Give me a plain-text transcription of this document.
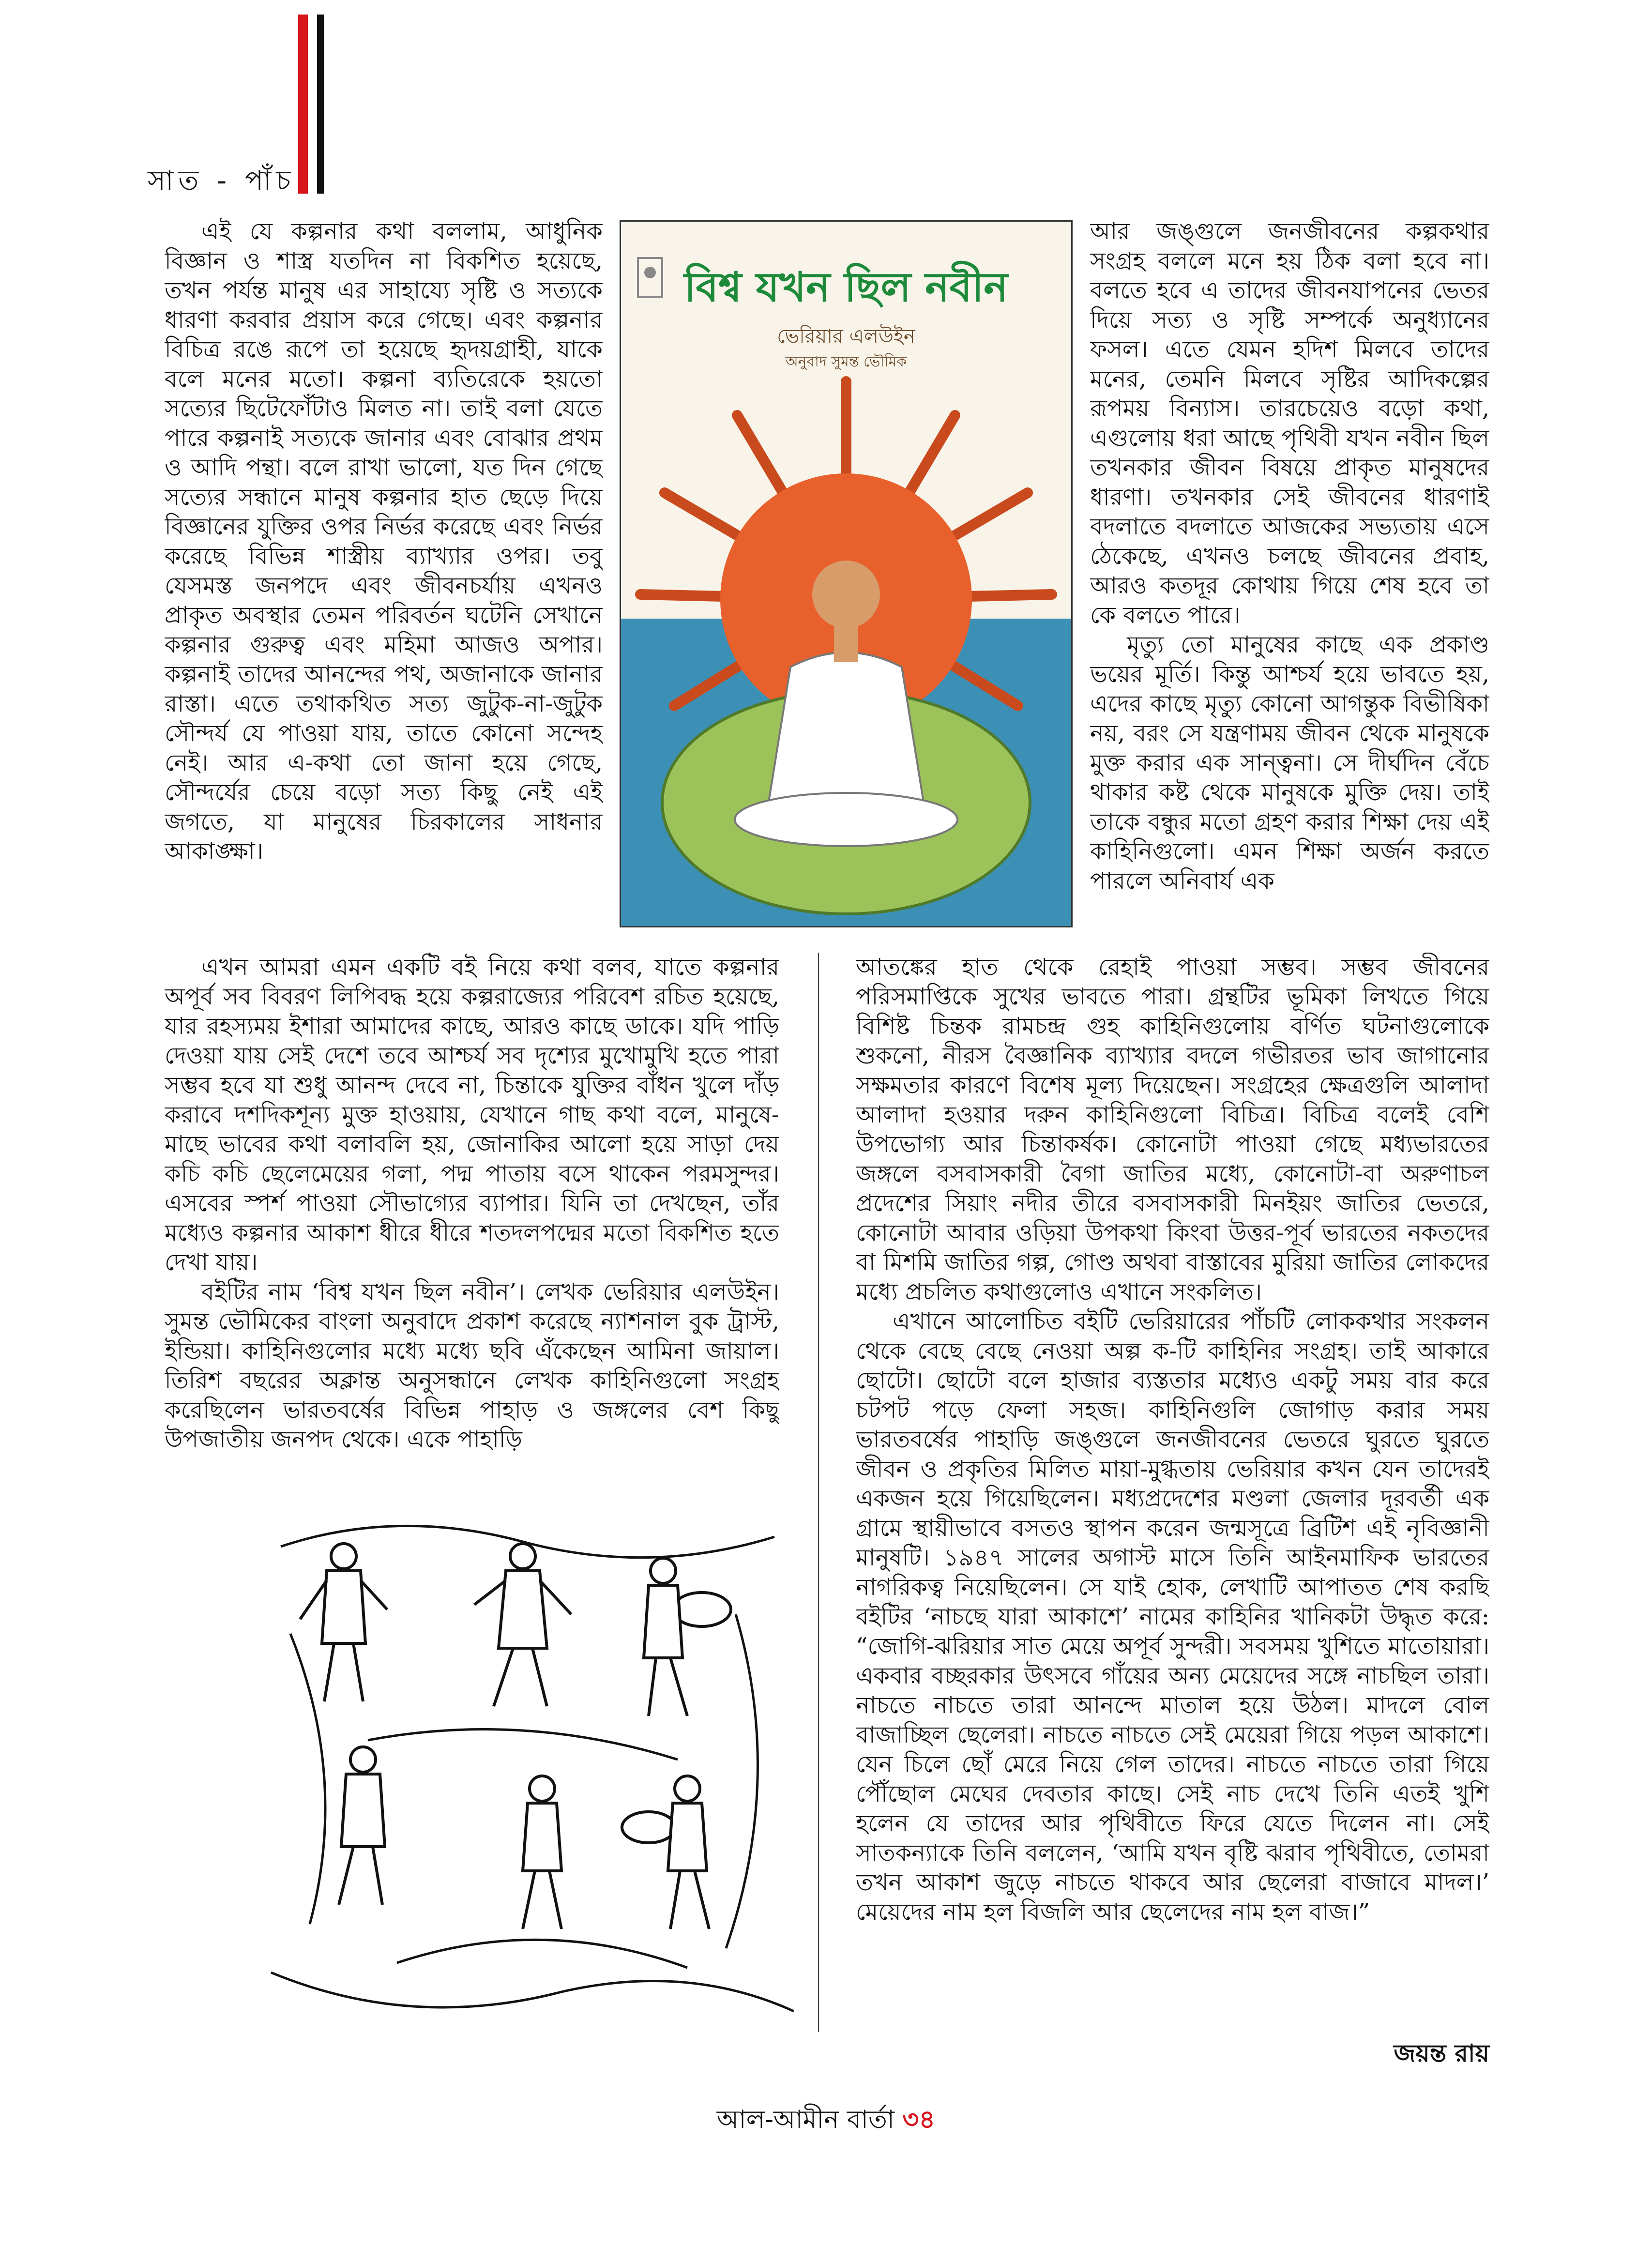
সাত - পাঁচ

এই যে কল্পনার কথা বললাম, আধুনিক বিজ্ঞান ও শাস্ত্র যতদিন না বিকশিত হয়েছে, তখন পর্যন্ত মানুষ এর সাহায্যে সৃষ্টি ও সত্যকে ধারণা করবার প্রয়াস করে গেছে। এবং কল্পনার বিচিত্র রঙে রূপে তা হয়েছে হৃদয়গ্রাহী, যাকে বলে মনের মতো। কল্পনা ব্যতিরেকে হয়তো সত্যের ছিটেফোঁটাও মিলত না। তাই বলা যেতে পারে কল্পনাই সত্যকে জানার এবং বোঝার প্রথম ও আদি পন্থা। বলে রাখা ভালো, যত দিন গেছে সত্যের সন্ধানে মানুষ কল্পনার হাত ছেড়ে দিয়ে বিজ্ঞানের যুক্তির ওপর নির্ভর করেছে এবং নির্ভর করেছে বিভিন্ন শাস্ত্রীয় ব্যাখ্যার ওপর। তবু যেসমস্ত জনপদে এবং জীবনচর্যায় এখনও প্রাকৃত অবস্থার তেমন পরিবর্তন ঘটেনি সেখানে কল্পনার গুরুত্ব এবং মহিমা আজও অপার। কল্পনাই তাদের আনন্দের পথ, অজানাকে জানার রাস্তা। এতে তথাকথিত সত্য জুটুক-না-জুটুক সৌন্দর্য যে পাওয়া যায়, তাতে কোনো সন্দেহ নেই। আর এ-কথা তো জানা হয়ে গেছে, সৌন্দর্যের চেয়ে বড়ো সত্য কিছু নেই এই জগতে, যা মানুষের চিরকালের সাধনার আকাঙ্ক্ষা।

বিশ্ব যখন ছিল নবীন
ভেরিয়ার এলউইন
অনুবাদ সুমন্ত ভৌমিক

আর জঙ্গুলে জনজীবনের কল্পকথার সংগ্রহ বললে মনে হয় ঠিক বলা হবে না। বলতে হবে এ তাদের জীবনযাপনের ভেতর দিয়ে সত্য ও সৃষ্টি সম্পর্কে অনুধ্যানের ফসল। এতে যেমন হদিশ মিলবে তাদের মনের, তেমনি মিলবে সৃষ্টির আদিকল্পের রূপময় বিন্যাস। তারচেয়েও বড়ো কথা, এগুলোয় ধরা আছে পৃথিবী যখন নবীন ছিল তখনকার জীবন বিষয়ে প্রাকৃত মানুষদের ধারণা। তখনকার সেই জীবনের ধারণাই বদলাতে বদলাতে আজকের সভ্যতায় এসে ঠেকেছে, এখনও চলছে জীবনের প্রবাহ, আরও কতদূর কোথায় গিয়ে শেষ হবে তা কে বলতে পারে।

মৃত্যু তো মানুষের কাছে এক প্রকাণ্ড ভয়ের মূর্তি। কিন্তু আশ্চর্য হয়ে ভাবতে হয়, এদের কাছে মৃত্যু কোনো আগন্তুক বিভীষিকা নয়, বরং সে যন্ত্রণাময় জীবন থেকে মানুষকে মুক্ত করার এক সান্ত্বনা। সে দীর্ঘদিন বেঁচে থাকার কষ্ট থেকে মানুষকে মুক্তি দেয়। তাই তাকে বন্ধুর মতো গ্রহণ করার শিক্ষা দেয় এই কাহিনিগুলো। এমন শিক্ষা অর্জন করতে পারলে অনিবার্য এক

এখন আমরা এমন একটি বই নিয়ে কথা বলব, যাতে কল্পনার অপূর্ব সব বিবরণ লিপিবদ্ধ হয়ে কল্পরাজ্যের পরিবেশ রচিত হয়েছে, যার রহস্যময় ইশারা আমাদের কাছে, আরও কাছে ডাকে। যদি পাড়ি দেওয়া যায় সেই দেশে তবে আশ্চর্য সব দৃশ্যের মুখোমুখি হতে পারা সম্ভব হবে যা শুধু আনন্দ দেবে না, চিন্তাকে যুক্তির বাঁধন খুলে দাঁড় করাবে দশদিকশূন্য মুক্ত হাওয়ায়, যেখানে গাছ কথা বলে, মানুষে-মাছে ভাবের কথা বলাবলি হয়, জোনাকির আলো হয়ে সাড়া দেয় কচি কচি ছেলেমেয়ের গলা, পদ্ম পাতায় বসে থাকেন পরমসুন্দর। এসবের স্পর্শ পাওয়া সৌভাগ্যের ব্যাপার। যিনি তা দেখছেন, তাঁর মধ্যেও কল্পনার আকাশ ধীরে ধীরে শতদলপদ্মের মতো বিকশিত হতে দেখা যায়।

বইটির নাম ‘বিশ্ব যখন ছিল নবীন’। লেখক ভেরিয়ার এলউইন। সুমন্ত ভৌমিকের বাংলা অনুবাদে প্রকাশ করেছে ন্যাশনাল বুক ট্রাস্ট, ইন্ডিয়া। কাহিনিগুলোর মধ্যে মধ্যে ছবি এঁকেছেন আমিনা জায়াল। তিরিশ বছরের অক্লান্ত অনুসন্ধানে লেখক কাহিনিগুলো সংগ্রহ করেছিলেন ভারতবর্ষের বিভিন্ন পাহাড় ও জঙ্গলের বেশ কিছু উপজাতীয় জনপদ থেকে। একে পাহাড়ি

আতঙ্কের হাত থেকে রেহাই পাওয়া সম্ভব। সম্ভব জীবনের পরিসমাপ্তিকে সুখের ভাবতে পারা। গ্রন্থটির ভূমিকা লিখতে গিয়ে বিশিষ্ট চিন্তক রামচন্দ্র গুহ কাহিনিগুলোয় বর্ণিত ঘটনাগুলোকে শুকনো, নীরস বৈজ্ঞানিক ব্যাখ্যার বদলে গভীরতর ভাব জাগানোর সক্ষমতার কারণে বিশেষ মূল্য দিয়েছেন। সংগ্রহের ক্ষেত্রগুলি আলাদা আলাদা হওয়ার দরুন কাহিনিগুলো বিচিত্র। বিচিত্র বলেই বেশি উপভোগ্য আর চিন্তাকর্ষক। কোনোটা পাওয়া গেছে মধ্যভারতের জঙ্গলে বসবাসকারী বৈগা জাতির মধ্যে, কোনোটা-বা অরুণাচল প্রদেশের সিয়াং নদীর তীরে বসবাসকারী মিনইয়ং জাতির ভেতরে, কোনোটা আবার ওড়িয়া উপকথা কিংবা উত্তর-পূর্ব ভারতের নকতদের বা মিশমি জাতির গল্প, গোণ্ড অথবা বাস্তাবের মুরিয়া জাতির লোকদের মধ্যে প্রচলিত কথাগুলোও এখানে সংকলিত।

এখানে আলোচিত বইটি ভেরিয়ারের পাঁচটি লোককথার সংকলন থেকে বেছে বেছে নেওয়া অল্প ক-টি কাহিনির সংগ্রহ। তাই আকারে ছোটো। ছোটো বলে হাজার ব্যস্ততার মধ্যেও একটু সময় বার করে চটপট পড়ে ফেলা সহজ। কাহিনিগুলি জোগাড় করার সময় ভারতবর্ষের পাহাড়ি জঙ্গুলে জনজীবনের ভেতরে ঘুরতে ঘুরতে জীবন ও প্রকৃতির মিলিত মায়া-মুগ্ধতায় ভেরিয়ার কখন যেন তাদেরই একজন হয়ে গিয়েছিলেন। মধ্যপ্রদেশের মণ্ডলা জেলার দূরবর্তী এক গ্রামে স্থায়ীভাবে বসতও স্থাপন করেন জন্মসূত্রে ব্রিটিশ এই নৃবিজ্ঞানী মানুষটি। ১৯৪৭ সালের অগাস্ট মাসে তিনি আইনমাফিক ভারতের নাগরিকত্ব নিয়েছিলেন। সে যাই হোক, লেখাটি আপাতত শেষ করছি বইটির ‘নাচছে যারা আকাশে’ নামের কাহিনির খানিকটা উদ্ধৃত করে: “জোগি-ঝরিয়ার সাত মেয়ে অপূর্ব সুন্দরী। সবসময় খুশিতে মাতোয়ারা। একবার বচ্ছরকার উৎসবে গাঁয়ের অন্য মেয়েদের সঙ্গে নাচছিল তারা। নাচতে নাচতে তারা আনন্দে মাতাল হয়ে উঠল। মাদলে বোল বাজাচ্ছিল ছেলেরা। নাচতে নাচতে সেই মেয়েরা গিয়ে পড়ল আকাশে। যেন চিলে ছোঁ মেরে নিয়ে গেল তাদের। নাচতে নাচতে তারা গিয়ে পৌঁছোল মেঘের দেবতার কাছে। সেই নাচ দেখে তিনি এতই খুশি হলেন যে তাদের আর পৃথিবীতে ফিরে যেতে দিলেন না। সেই সাতকন্যাকে তিনি বললেন, ‘আমি যখন বৃষ্টি ঝরাব পৃথিবীতে, তোমরা তখন আকাশ জুড়ে নাচতে থাকবে আর ছেলেরা বাজাবে মাদল।’ মেয়েদের নাম হল বিজলি আর ছেলেদের নাম হল বাজ।”

জয়ন্ত রায়

আল-আমীন বার্তা ৩৪
